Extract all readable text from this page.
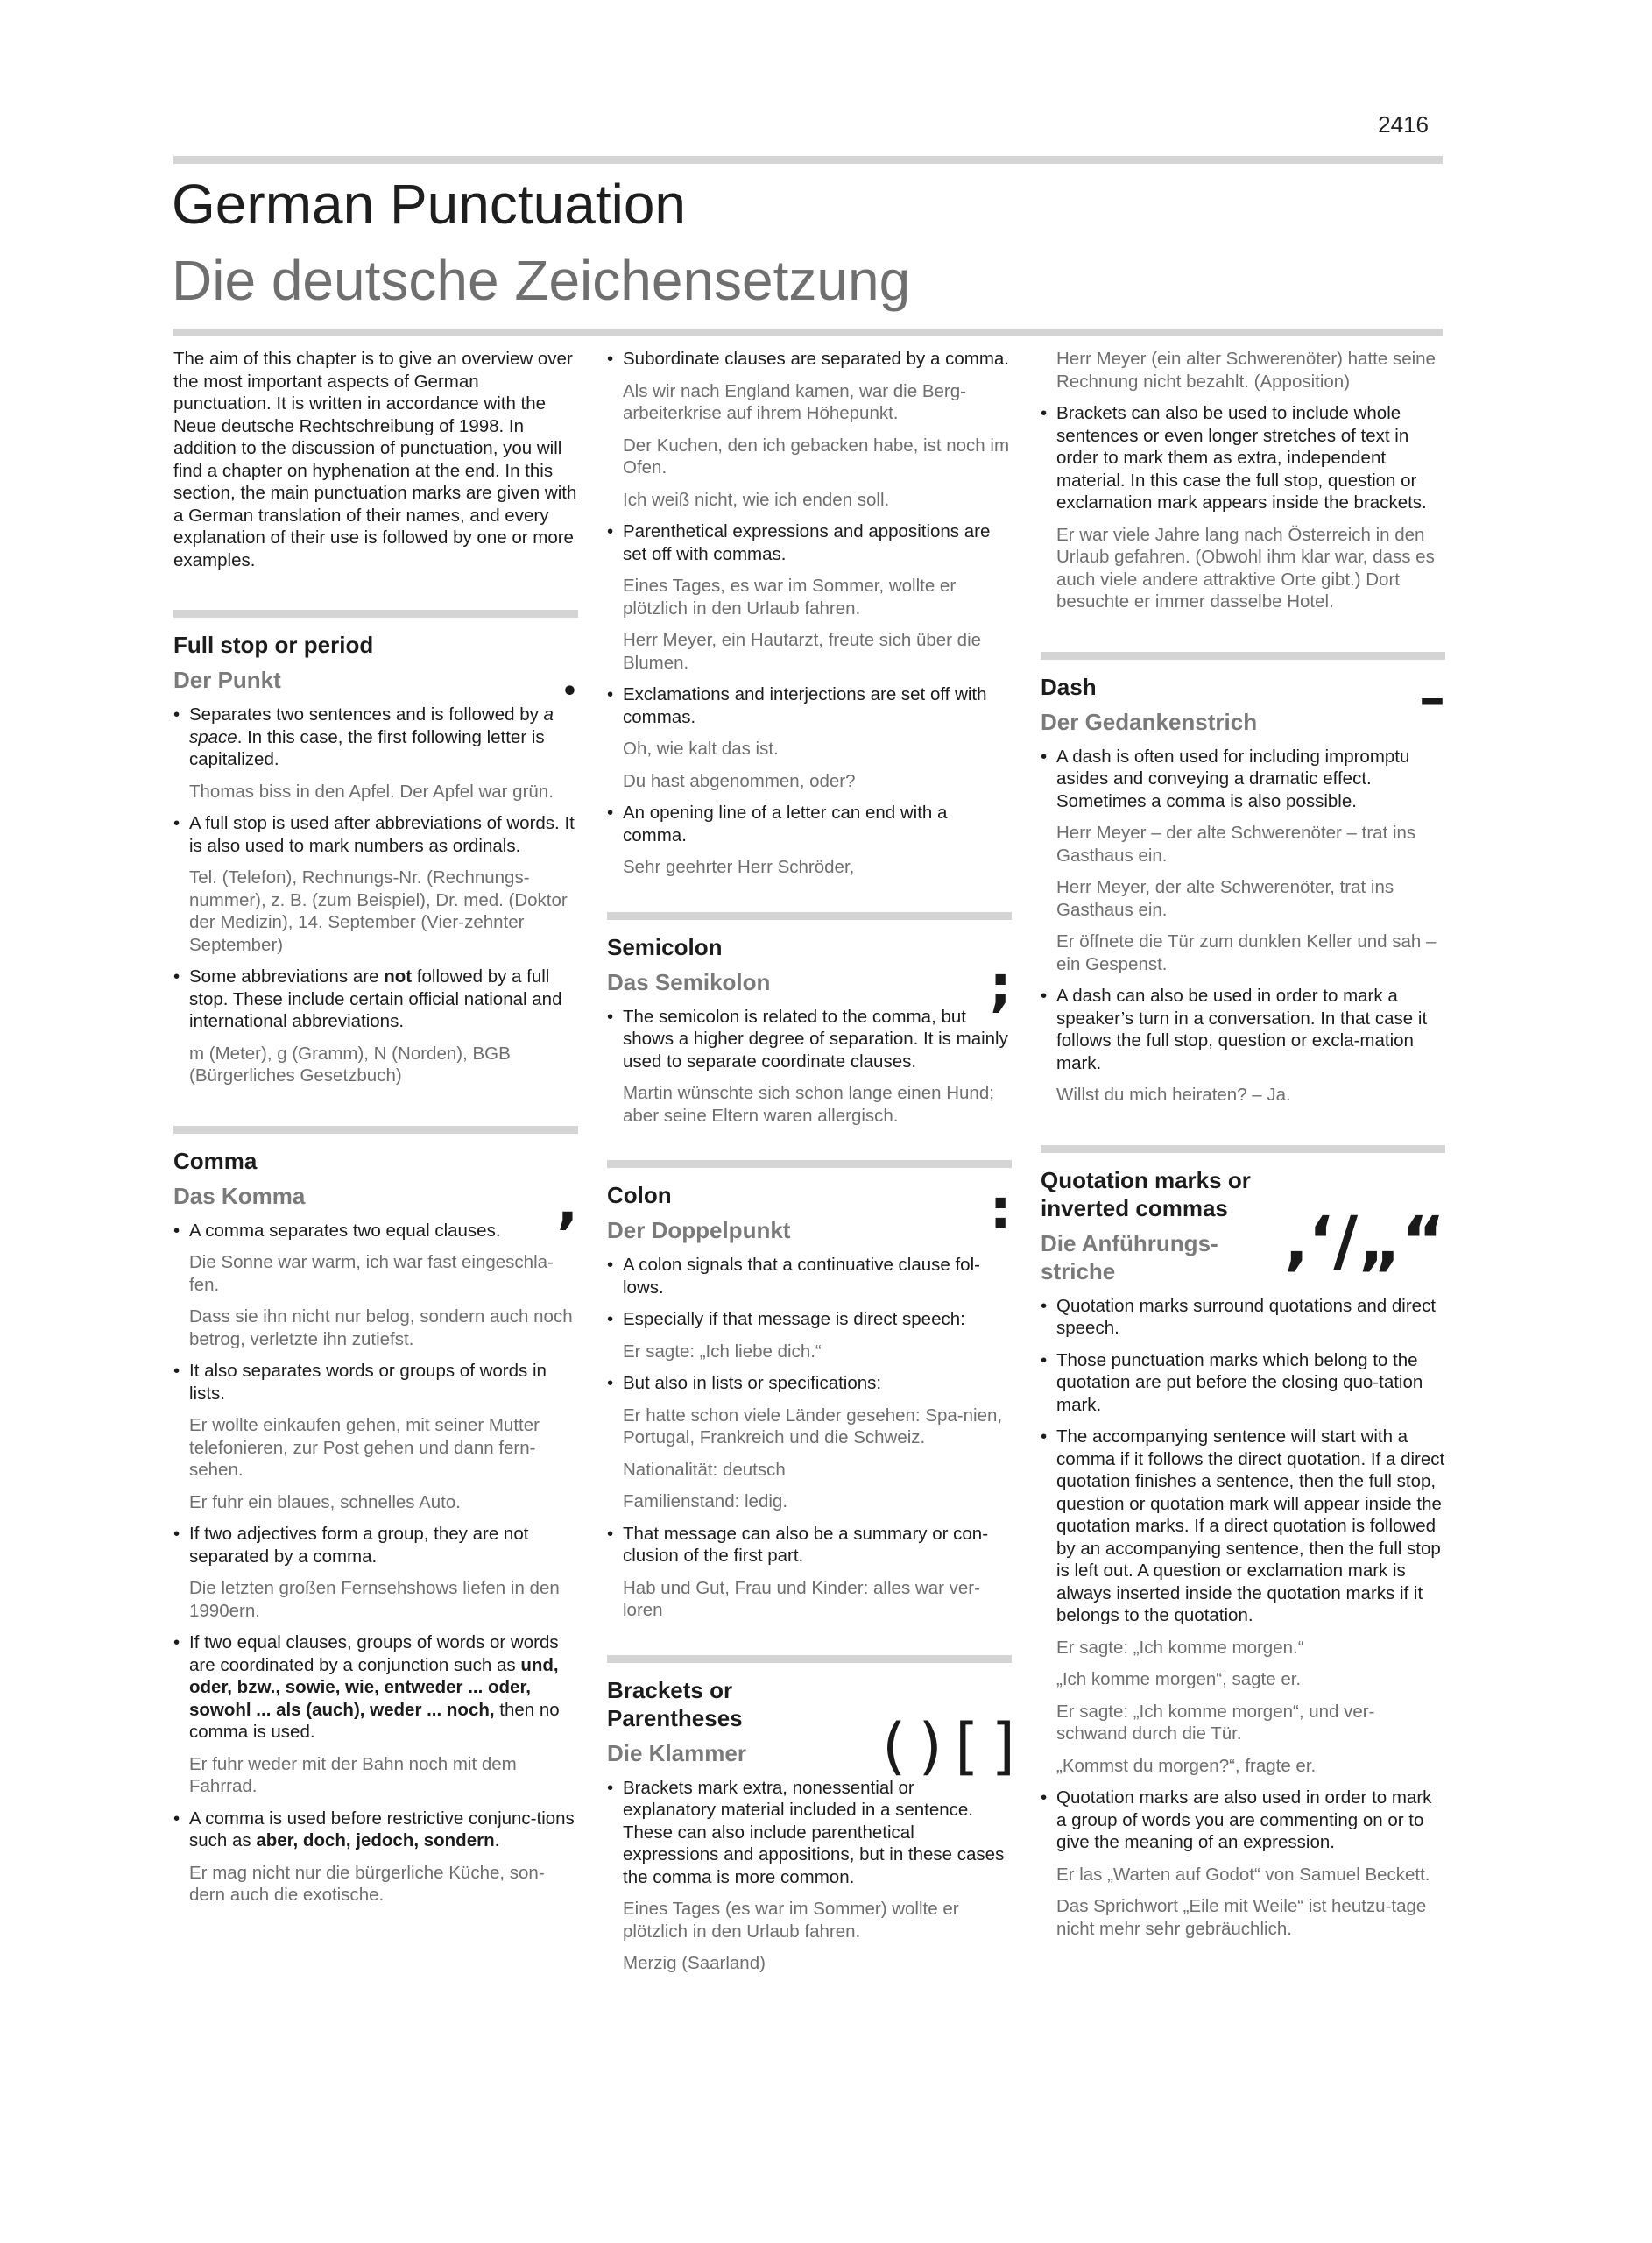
2416
German Punctuation
Die deutsche Zeichensetzung

The aim of this chapter is to give an overview over the most important aspects of German punctuation. It is written in accordance with the Neue deutsche Rechtschreibung of 1998. In addition to the discussion of punctuation, you will find a chapter on hyphenation at the end. In this section, the main punctuation marks are given with a German translation of their names, and every explanation of their use is followed by one or more examples.

Full stop or period
Der Punkt	•

• Separates two sentences and is followed by a space. In this case, the first following letter is capitalized.

Thomas biss in den Apfel. Der Apfel war grün.

• A full stop is used after abbreviations of words. It is also used to mark numbers as ordinals.

Tel. (Telefon), Rechnungs-Nr. (Rechnungs-nummer), z. B. (zum Beispiel), Dr. med. (Doktor der Medizin), 14. September (Vier-zehnter September)

• Some abbreviations are not followed by a full stop. These include certain official national and international abbreviations.

m (Meter), g (Gramm), N (Norden), BGB (Bürgerliches Gesetzbuch)

Comma
Das Komma	,

• A comma separates two equal clauses.

Die Sonne war warm, ich war fast eingeschla-fen.

Dass sie ihn nicht nur belog, sondern auch noch betrog, verletzte ihn zutiefst.

• It also separates words or groups of words in lists.

Er wollte einkaufen gehen, mit seiner Mutter telefonieren, zur Post gehen und dann fern-sehen.

Er fuhr ein blaues, schnelles Auto.

• If two adjectives form a group, they are not separated by a comma.

Die letzten großen Fernsehshows liefen in den 1990ern.

• If two equal clauses, groups of words or words are coordinated by a conjunction such as und, oder, bzw., sowie, wie, entweder ... oder, sowohl ... als (auch), weder ... noch, then no comma is used.

Er fuhr weder mit der Bahn noch mit dem Fahrrad.

• A comma is used before restrictive conjunc-tions such as aber, doch, jedoch, sondern.

Er mag nicht nur die bürgerliche Küche, son-dern auch die exotische.

• Subordinate clauses are separated by a comma.

Als wir nach England kamen, war die Berg-arbeiterkrise auf ihrem Höhepunkt.

Der Kuchen, den ich gebacken habe, ist noch im Ofen.

Ich weiß nicht, wie ich enden soll.

• Parenthetical expressions and appositions are set off with commas.

Eines Tages, es war im Sommer, wollte er plötzlich in den Urlaub fahren.

Herr Meyer, ein Hautarzt, freute sich über die Blumen.

• Exclamations and interjections are set off with commas.

Oh, wie kalt das ist.

Du hast abgenommen, oder?

• An opening line of a letter can end with a comma.

Sehr geehrter Herr Schröder,

Semicolon
Das Semikolon	;

• The semicolon is related to the comma, but shows a higher degree of separation. It is mainly used to separate coordinate clauses.

Martin wünschte sich schon lange einen Hund; aber seine Eltern waren allergisch.

Colon
Der Doppelpunkt	:

• A colon signals that a continuative clause fol-lows.

• Especially if that message is direct speech:

Er sagte: „Ich liebe dich.“

• But also in lists or specifications:

Er hatte schon viele Länder gesehen: Spa-nien, Portugal, Frankreich und die Schweiz.

Nationalität: deutsch

Familienstand: ledig.

• That message can also be a summary or con-clusion of the first part.

Hab und Gut, Frau und Kinder: alles war ver-loren

Brackets or Parentheses
Die Klammer	( ) [ ]

• Brackets mark extra, nonessential or explanatory material included in a sentence. These can also include parenthetical expressions and appositions, but in these cases the comma is more common.

Eines Tages (es war im Sommer) wollte er plötzlich in den Urlaub fahren.

Merzig (Saarland)

Herr Meyer (ein alter Schwerenöter) hatte seine Rechnung nicht bezahlt. (Apposition)

• Brackets can also be used to include whole sentences or even longer stretches of text in order to mark them as extra, independent material. In this case the full stop, question or exclamation mark appears inside the brackets.

Er war viele Jahre lang nach Österreich in den Urlaub gefahren. (Obwohl ihm klar war, dass es auch viele andere attraktive Orte gibt.) Dort besuchte er immer dasselbe Hotel.

Dash
Der Gedankenstrich	–

• A dash is often used for including impromptu asides and conveying a dramatic effect. Sometimes a comma is also possible.

Herr Meyer – der alte Schwerenöter – trat ins Gasthaus ein.

Herr Meyer, der alte Schwerenöter, trat ins Gasthaus ein.

Er öffnete die Tür zum dunklen Keller und sah – ein Gespenst.

• A dash can also be used in order to mark a speaker’s turn in a conversation. In that case it follows the full stop, question or excla-mation mark.

Willst du mich heiraten? – Ja.

Quotation marks or inverted commas
Die Anführungs-striche	‚‘/„“

• Quotation marks surround quotations and direct speech.

• Those punctuation marks which belong to the quotation are put before the closing quo-tation mark.

• The accompanying sentence will start with a comma if it follows the direct quotation. If a direct quotation finishes a sentence, then the full stop, question or quotation mark will appear inside the quotation marks. If a direct quotation is followed by an accompanying sentence, then the full stop is left out. A question or exclamation mark is always inserted inside the quotation marks if it belongs to the quotation.

Er sagte: „Ich komme morgen.“

„Ich komme morgen“, sagte er.

Er sagte: „Ich komme morgen“, und ver-schwand durch die Tür.

„Kommst du morgen?“, fragte er.

• Quotation marks are also used in order to mark a group of words you are commenting on or to give the meaning of an expression.

Er las „Warten auf Godot“ von Samuel Beckett.

Das Sprichwort „Eile mit Weile“ ist heutzu-tage nicht mehr sehr gebräuchlich.
